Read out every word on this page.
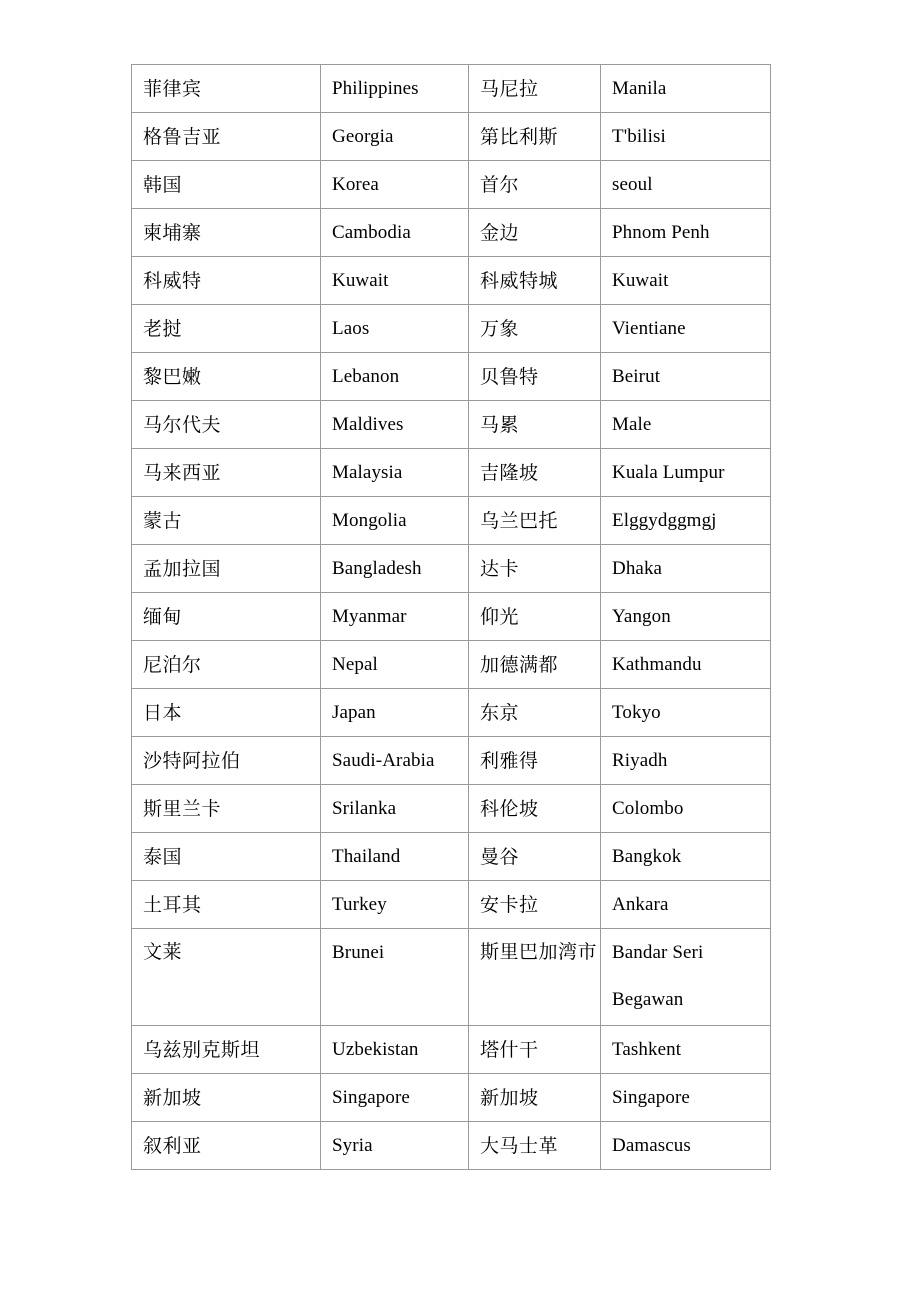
菲律宾	Philippines	马尼拉	Manila
格鲁吉亚	Georgia	第比利斯	T'bilisi
韩国	Korea	首尔	seoul
柬埔寨	Cambodia	金边	Phnom Penh
科威特	Kuwait	科威特城	Kuwait
老挝	Laos	万象	Vientiane
黎巴嫩	Lebanon	贝鲁特	Beirut
马尔代夫	Maldives	马累	Male
马来西亚	Malaysia	吉隆坡	Kuala Lumpur
蒙古	Mongolia	乌兰巴托	Elggydggmgj
孟加拉国	Bangladesh	达卡	Dhaka
缅甸	Myanmar	仰光	Yangon
尼泊尔	Nepal	加德满都	Kathmandu
日本	Japan	东京	Tokyo
沙特阿拉伯	Saudi-Arabia	利雅得	Riyadh
斯里兰卡	Srilanka	科伦坡	Colombo
泰国	Thailand	曼谷	Bangkok
土耳其	Turkey	安卡拉	Ankara
文莱	Brunei	斯里巴加湾市	Bandar Seri Begawan
乌兹别克斯坦	Uzbekistan	塔什干	Tashkent
新加坡	Singapore	新加坡	Singapore
叙利亚	Syria	大马士革	Damascus
